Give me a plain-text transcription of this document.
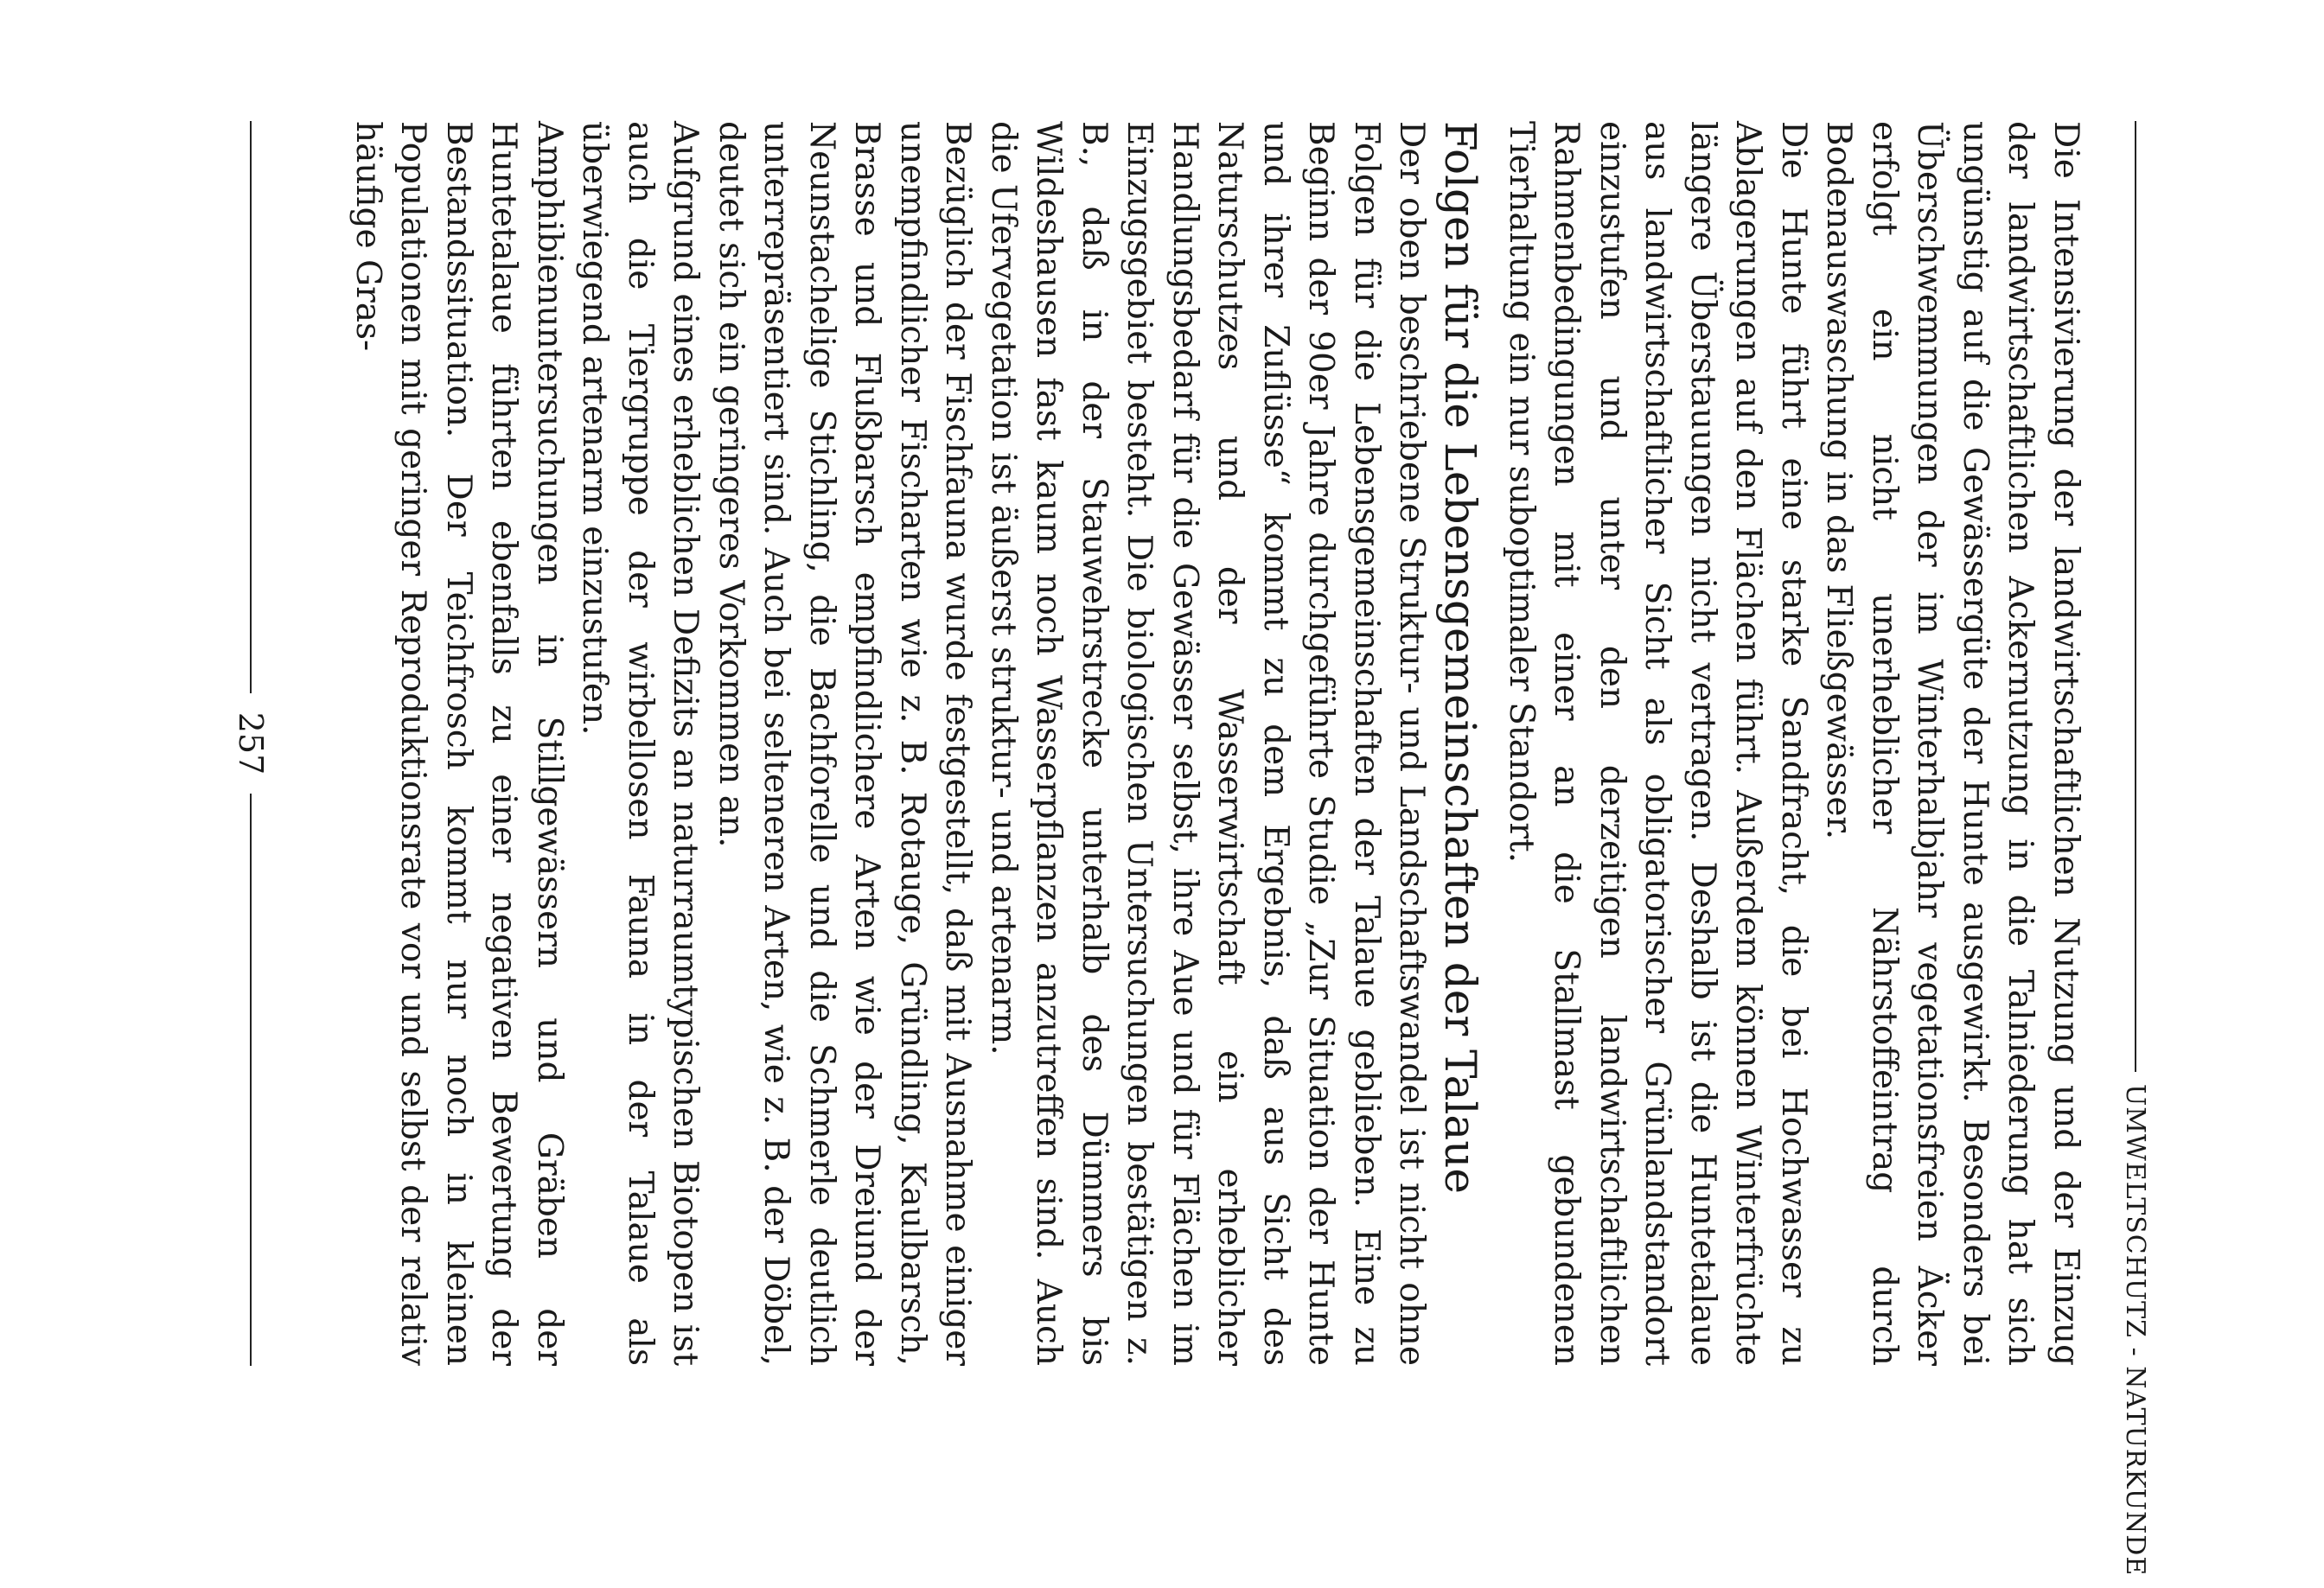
UMWELTSCHUTZ - NATURKUNDE

Die Intensivierung der landwirtschaftlichen Nutzung und der Einzug der landwirtschaftlichen Ackernutzung in die Talniederung hat sich ungünstig auf die Gewässergüte der Hunte ausgewirkt. Besonders bei Überschwemmungen der im Winterhalbjahr vegetationsfreien Äcker erfolgt ein nicht unerheblicher Nährstoffeintrag durch Bodenauswaschung in das Fließgewässer.

Die Hunte führt eine starke Sandfracht, die bei Hochwasser zu Ablagerungen auf den Flächen führt. Außerdem können Winterfrüchte längere Überstauungen nicht vertragen. Deshalb ist die Huntetalaue aus landwirtschaftlicher Sicht als obligatorischer Grünlandstandort einzustufen und unter den derzeitigen landwirtschaftlichen Rahmenbedingungen mit einer an die Stallmast gebundenen Tierhaltung ein nur suboptimaler Standort.

Folgen für die Lebensgemeinschaften der Talaue

Der oben beschriebene Struktur- und Landschaftswandel ist nicht ohne Folgen für die Lebensgemeinschaften der Talaue geblieben. Eine zu Beginn der 90er Jahre durchgeführte Studie „Zur Situation der Hunte und ihrer Zuflüsse“ kommt zu dem Ergebnis, daß aus Sicht des Naturschutzes und der Wasserwirtschaft ein erheblicher Handlungsbedarf für die Gewässer selbst, ihre Aue und für Flächen im Einzugsgebiet besteht. Die biologischen Untersuchungen bestätigen z. B., daß in der Stauwehrstrecke unterhalb des Dümmers bis Wildeshausen fast kaum noch Wasserpflanzen anzutreffen sind. Auch die Ufervegetation ist äußerst struktur- und artenarm.

Bezüglich der Fischfauna wurde festgestellt, daß mit Ausnahme einiger unempfindlicher Fischarten wie z. B. Rotauge, Gründling, Kaulbarsch, Brasse und Flußbarsch empfindlichere Arten wie der Dreiund der Neunstachelige Stichling, die Bachforelle und die Schmerle deutlich unterrepräsentiert sind. Auch bei selteneren Arten, wie z. B. der Döbel, deutet sich ein geringeres Vorkommen an.

Aufgrund eines erheblichen Defizits an naturraumtypischen Biotopen ist auch die Tiergruppe der wirbellosen Fauna in der Talaue als überwiegend artenarm einzustufen.

Amphibienuntersuchungen in Stillgewässern und Gräben der Huntetalaue führten ebenfalls zu einer negativen Bewertung der Bestandssituation. Der Teichfrosch kommt nur noch in kleinen Populationen mit geringer Reproduktionsrate vor und selbst der relativ häufige Gras-

257
